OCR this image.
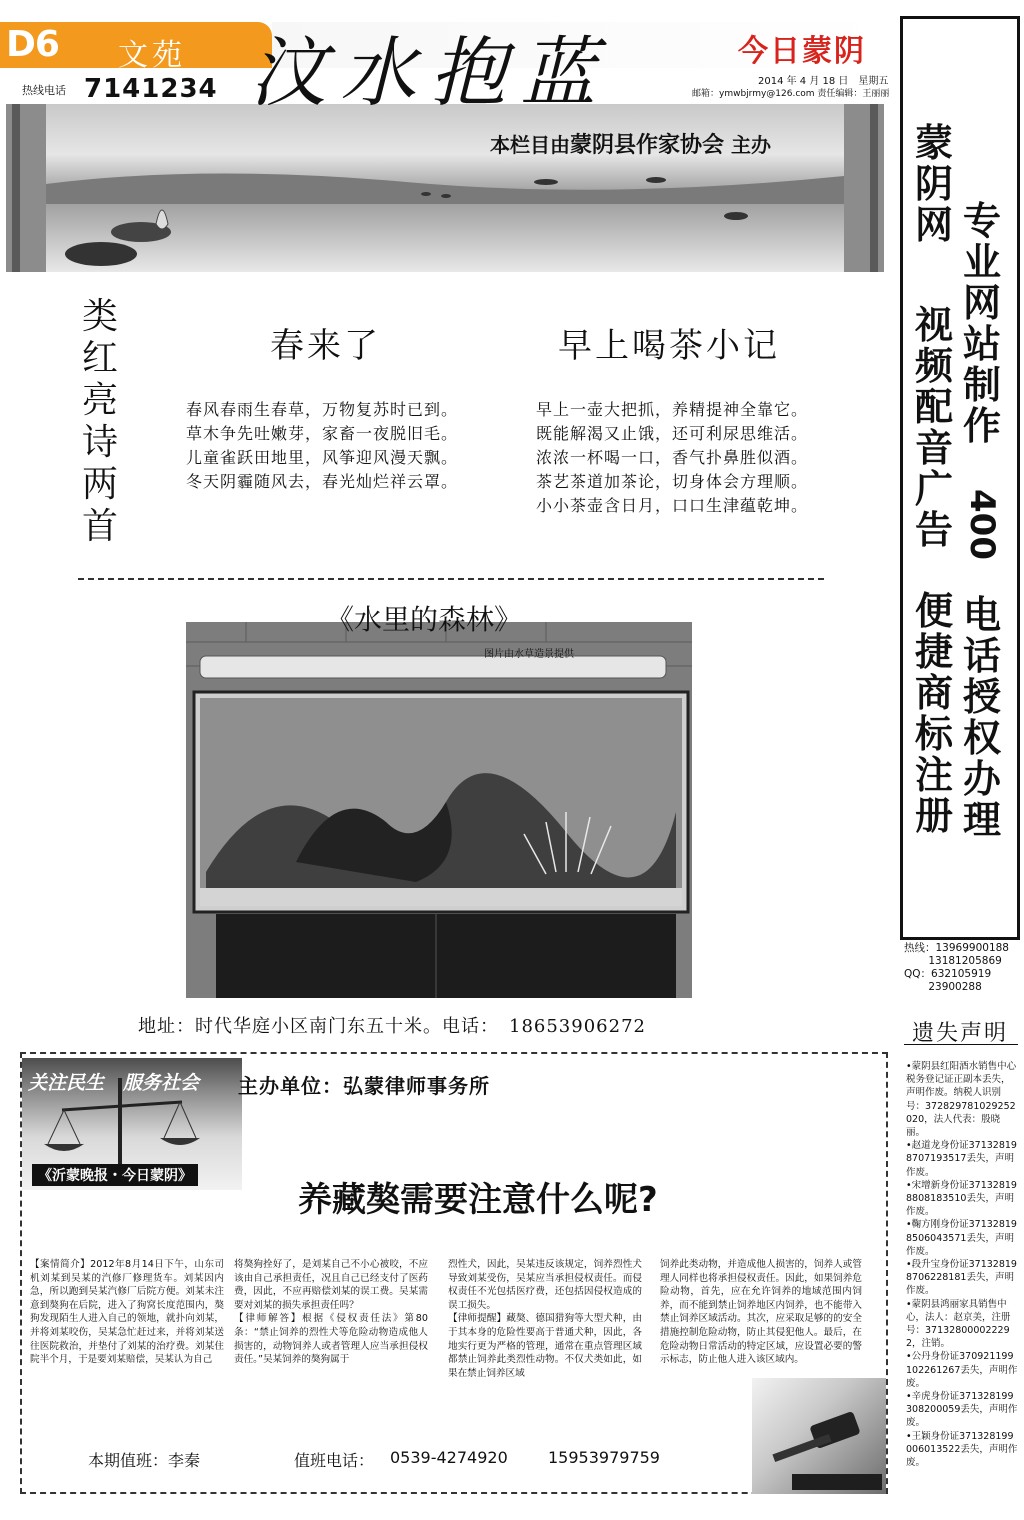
D6 文苑	今日蒙阴
热线电话 7141234	2014 年 4 月 18 日　星期五
邮箱：ymwbjrmy@126.com 责任编辑：王丽丽
汶水抱蓝
本栏目由蒙阴县作家协会 主办
类红亮诗两首
春来了	早上喝茶小记
春风春雨生春草，万物复苏时已到。
草木争先吐嫩芽，家畜一夜脱旧毛。
儿童雀跃田地里，风筝迎风漫天飘。
冬天阴霾随风去，春光灿烂祥云罩。
早上一壶大把抓，养精提神全靠它。
既能解渴又止饿，还可利尿思维活。
浓浓一杯喝一口，香气扑鼻胜似酒。
茶艺茶道加茶论，切身体会方理顺。
小小茶壶含日月，口口生津蕴乾坤。
《水里的森林》
图片由水草造景提供
地址：时代华庭小区南门东五十米。电话：　18653906272
专业网站制作
400
电话授权办理
蒙阴网
视频配音广告
便捷商标注册
热线：13969900188
　　 13181205869
QQ：632105919
　　 23900288
遗失声明
•蒙阴县红阳酒水销售中心税务登记证正副本丢失，声明作废。纳税人识别号：372829781029252020，法人代表：殷晓丽。
•赵道龙身份证371328198707193517丢失，声明作废。
•宋增新身份证371328198808183510丢失，声明作废。
•鞠方刚身份证371328198506043571丢失，声明作废。
•段升宝身份证371328198706228181丢失，声明作废。
•蒙阴县鸿丽家具销售中心，法人：赵京美，注册号：371328000022292，注销。
•公丹身份证370921199102261267丢失，声明作废。
•辛虎身份证371328199308200059丢失，声明作废。
•王颖身份证371328199006013522丢失，声明作废。
关注民生　服务社会
《沂蒙晚报・今日蒙阴》
主办单位：弘蒙律师事务所
养藏獒需要注意什么呢?
【案情简介】2012年8月14日下午，山东司机刘某到吴某的汽修厂修理货车。刘某因内急，所以跑到吴某汽修厂后院方便。刘某未注意到獒狗在后院，进入了狗窝长度范围内，獒狗发现陌生人进入自己的领地，就扑向刘某，并将刘某咬伤，吴某急忙赶过来，并将刘某送往医院救治，并垫付了刘某的治疗费。刘某住院半个月，于是要刘某赔偿，吴某认为自己
将獒狗拴好了，是刘某自己不小心被咬，不应该由自己承担责任，况且自己已经支付了医药费，因此，不应再赔偿刘某的误工费。吴某需要对刘某的损失承担责任吗？
【律师解答】根据《侵权责任法》第80条：“禁止饲养的烈性犬等危险动物造成他人损害的，动物饲养人或者管理人应当承担侵权责任。”吴某饲养的獒狗属于
烈性犬，因此，吴某违反该规定，饲养烈性犬导致刘某受伤，吴某应当承担侵权责任。而侵权责任不光包括医疗费，还包括因侵权造成的误工损失。
【律师提醒】藏獒、德国猎狗等大型犬种，由于其本身的危险性要高于普通犬种，因此，各地实行更为严格的管理，通常在重点管理区域都禁止饲养此类烈性动物。不仅犬类如此，如果在禁止饲养区域
饲养此类动物，并造成他人损害的，饲养人或管理人同样也将承担侵权责任。因此，如果饲养危险动物，首先，应在允许饲养的地域范围内饲养，而不能到禁止饲养地区内饲养，也不能带入禁止饲养区域活动。其次，应采取足够的的安全措施控制危险动物，防止其侵犯他人。最后，在危险动物日常活动的特定区域，应设置必要的警示标志，防止他人进入该区域内。
本期值班：李秦	值班电话： 0539-4274920	15953979759
